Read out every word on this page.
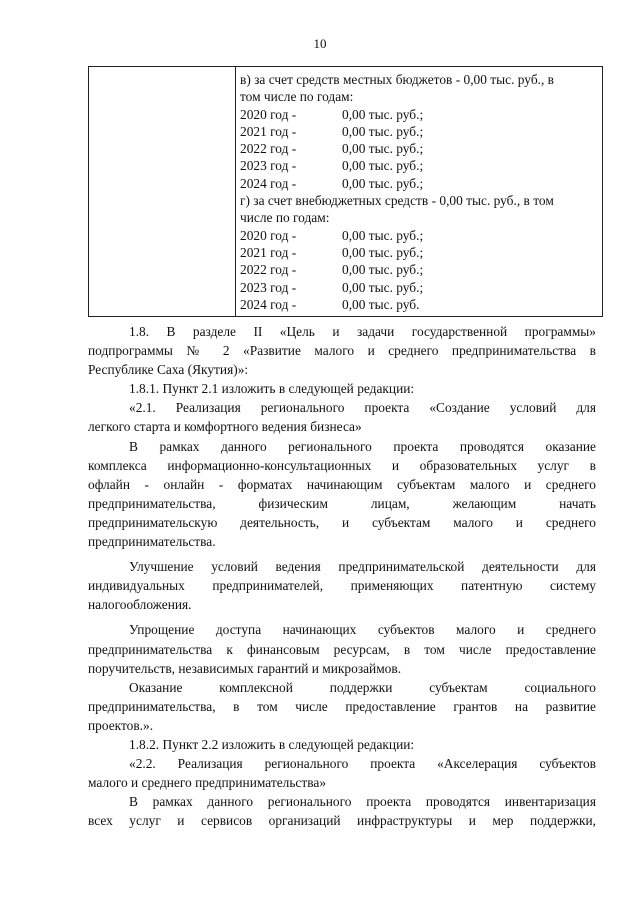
10

в) за счет средств местных бюджетов - 0,00 тыс. руб., в
том числе по годам:
2020 год -	0,00 тыс. руб.;
2021 год -	0,00 тыс. руб.;
2022 год -	0,00 тыс. руб.;
2023 год -	0,00 тыс. руб.;
2024 год -	0,00 тыс. руб.;
г) за счет внебюджетных средств - 0,00 тыс. руб., в том
числе по годам:
2020 год -	0,00 тыс. руб.;
2021 год -	0,00 тыс. руб.;
2022 год -	0,00 тыс. руб.;
2023 год -	0,00 тыс. руб.;
2024 год -	0,00 тыс. руб.

1.8. В разделе II «Цель и задачи государственной программы»
подпрограммы № 2 «Развитие малого и среднего предпринимательства в
Республике Саха (Якутия)»:

1.8.1. Пункт 2.1 изложить в следующей редакции:

«2.1. Реализация регионального проекта «Создание условий для
легкого старта и комфортного ведения бизнеса»

В рамках данного регионального проекта проводятся оказание
комплекса информационно-консультационных и образовательных услуг в
офлайн - онлайн - форматах начинающим субъектам малого и среднего
предпринимательства, физическим лицам, желающим начать
предпринимательскую деятельность, и субъектам малого и среднего
предпринимательства.

Улучшение условий ведения предпринимательской деятельности для
индивидуальных предпринимателей, применяющих патентную систему
налогообложения.

Упрощение доступа начинающих субъектов малого и среднего
предпринимательства к финансовым ресурсам, в том числе предоставление
поручительств, независимых гарантий и микрозаймов.

Оказание комплексной поддержки субъектам социального
предпринимательства, в том числе предоставление грантов на развитие
проектов.».

1.8.2. Пункт 2.2 изложить в следующей редакции:

«2.2. Реализация регионального проекта «Акселерация субъектов
малого и среднего предпринимательства»

В рамках данного регионального проекта проводятся инвентаризация
всех услуг и сервисов организаций инфраструктуры и мер поддержки,
